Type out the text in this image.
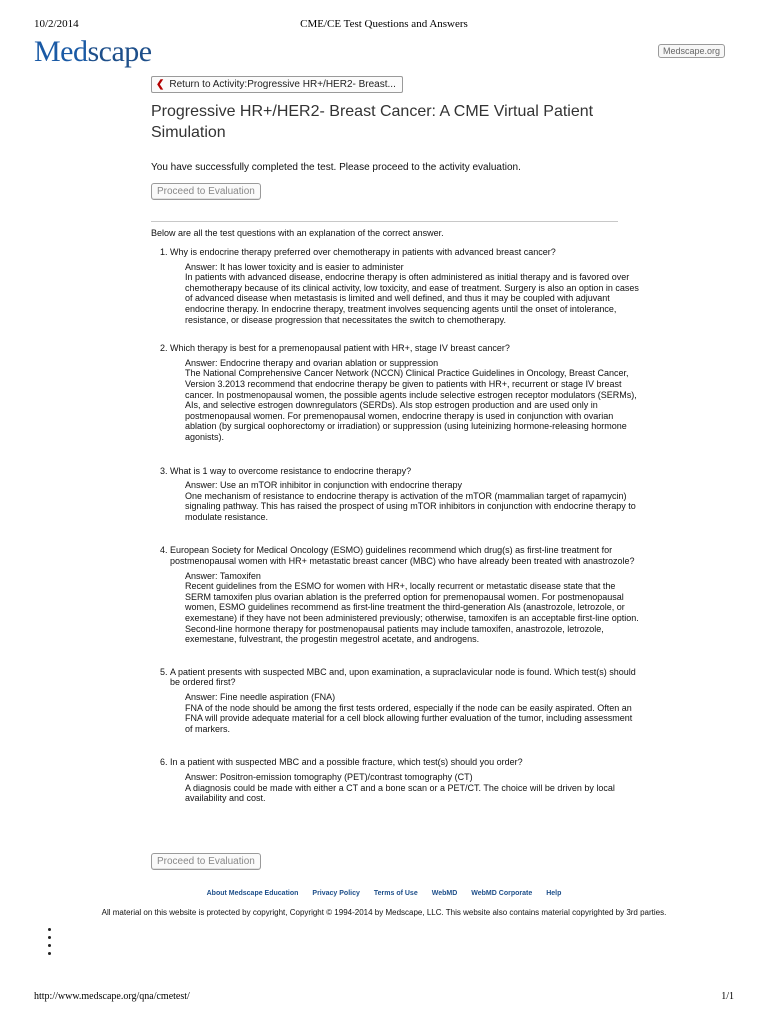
10/2/2014	CME/CE Test Questions and Answers
Medscape	Medscape.org
❮ Return to Activity:Progressive HR+/HER2- Breast...
Progressive HR+/HER2- Breast Cancer: A CME Virtual Patient Simulation
You have successfully completed the test. Please proceed to the activity evaluation.
Proceed to Evaluation
Below are all the test questions with an explanation of the correct answer.

1. Why is endocrine therapy preferred over chemotherapy in patients with advanced breast cancer?

Answer: It has lower toxicity and is easier to administer

In patients with advanced disease, endocrine therapy is often administered as initial therapy and is favored over chemotherapy because of its clinical activity, low toxicity, and ease of treatment. Surgery is also an option in cases of advanced disease when metastasis is limited and well defined, and thus it may be coupled with adjuvant endocrine therapy. In endocrine therapy, treatment involves sequencing agents until the onset of intolerance, resistance, or disease progression that necessitates the switch to chemotherapy.

2. Which therapy is best for a premenopausal patient with HR+, stage IV breast cancer?

Answer: Endocrine therapy and ovarian ablation or suppression

The National Comprehensive Cancer Network (NCCN) Clinical Practice Guidelines in Oncology, Breast Cancer, Version 3.2013 recommend that endocrine therapy be given to patients with HR+, recurrent or stage IV breast cancer. In postmenopausal women, the possible agents include selective estrogen receptor modulators (SERMs), AIs, and selective estrogen downregulators (SERDs). AIs stop estrogen production and are used only in postmenopausal women. For premenopausal women, endocrine therapy is used in conjunction with ovarian ablation (by surgical oophorectomy or irradiation) or suppression (using luteinizing hormone-releasing hormone agonists).

3. What is 1 way to overcome resistance to endocrine therapy?

Answer: Use an mTOR inhibitor in conjunction with endocrine therapy

One mechanism of resistance to endocrine therapy is activation of the mTOR (mammalian target of rapamycin) signaling pathway. This has raised the prospect of using mTOR inhibitors in conjunction with endocrine therapy to modulate resistance.

4. European Society for Medical Oncology (ESMO) guidelines recommend which drug(s) as first-line treatment for postmenopausal women with HR+ metastatic breast cancer (MBC) who have already been treated with anastrozole?

Answer: Tamoxifen

Recent guidelines from the ESMO for women with HR+, locally recurrent or metastatic disease state that the SERM tamoxifen plus ovarian ablation is the preferred option for premenopausal women. For postmenopausal women, ESMO guidelines recommend as first-line treatment the third-generation AIs (anastrozole, letrozole, or exemestane) if they have not been administered previously; otherwise, tamoxifen is an acceptable first-line option. Second-line hormone therapy for postmenopausal patients may include tamoxifen, anastrozole, letrozole, exemestane, fulvestrant, the progestin megestrol acetate, and androgens.

5. A patient presents with suspected MBC and, upon examination, a supraclavicular node is found. Which test(s) should be ordered first?

Answer: Fine needle aspiration (FNA)

FNA of the node should be among the first tests ordered, especially if the node can be easily aspirated. Often an FNA will provide adequate material for a cell block allowing further evaluation of the tumor, including assessment of markers.

6. In a patient with suspected MBC and a possible fracture, which test(s) should you order?

Answer: Positron-emission tomography (PET)/contrast tomography (CT)

A diagnosis could be made with either a CT and a bone scan or a PET/CT. The choice will be driven by local availability and cost.

Proceed to Evaluation
About Medscape Education Privacy Policy Terms of Use WebMD WebMD Corporate Help
All material on this website is protected by copyright, Copyright © 1994-2014 by Medscape, LLC. This website also contains material copyrighted by 3rd parties.
http://www.medscape.org/qna/cmetest/	1/1
